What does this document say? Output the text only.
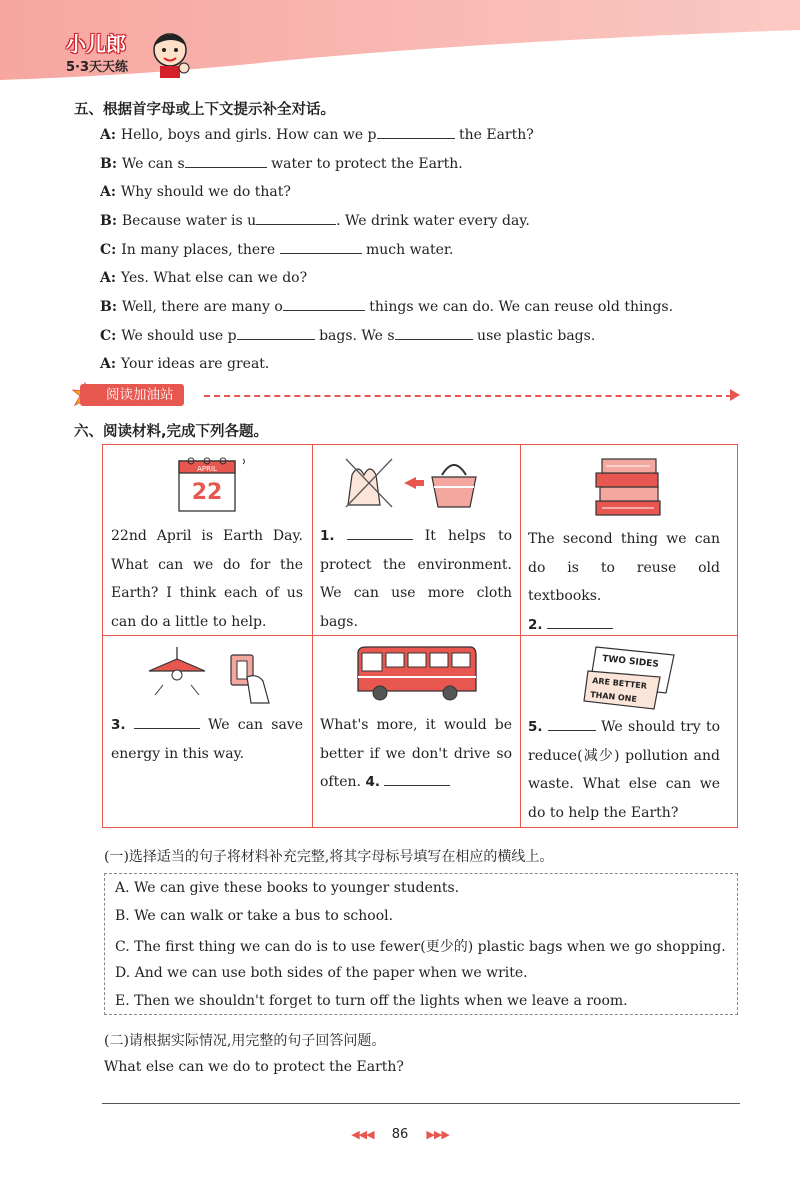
小儿郎
5·3天天练
五、根据首字母或上下文提示补全对话。
A: Hello, boys and girls. How can we p	the Earth?
B: We can s	water to protect the Earth.
A: Why should we do that?
B: Because water is u	. We drink water every day.
C: In many places, there	much water.
A: Yes. What else can we do?
B: Well, there are many o	things we can do. We can reuse old things.
C: We should use p	bags. We s	use plastic bags.
A: Your ideas are great.
阅读加油站
六、阅读材料,完成下列各题。
APRIL
22
22nd April is Earth Day. What can we do for the Earth? I think each of us can do a little to help.
1.	It helps to protect the environment. We can use more cloth bags.
The second thing we can do is to reuse old textbooks.
2.
3.	We can save energy in this way.
What's more, it would be better if we don't drive so often. 4.
TWO SIDES
ARE BETTER
THAN ONE
5.	We should try to reduce(减少) pollution and waste. What else can we do to help the Earth?
(一)选择适当的句子将材料补充完整,将其字母标号填写在相应的横线上。
A. We can give these books to younger students.
B. We can walk or take a bus to school.
C. The first thing we can do is to use fewer(更少的) plastic bags when we go shopping.
D. And we can use both sides of the paper when we write.
E. Then we shouldn't forget to turn off the lights when we leave a room.
(二)请根据实际情况,用完整的句子回答问题。
What else can we do to protect the Earth?
◀◀◀ 86 ▶▶▶
